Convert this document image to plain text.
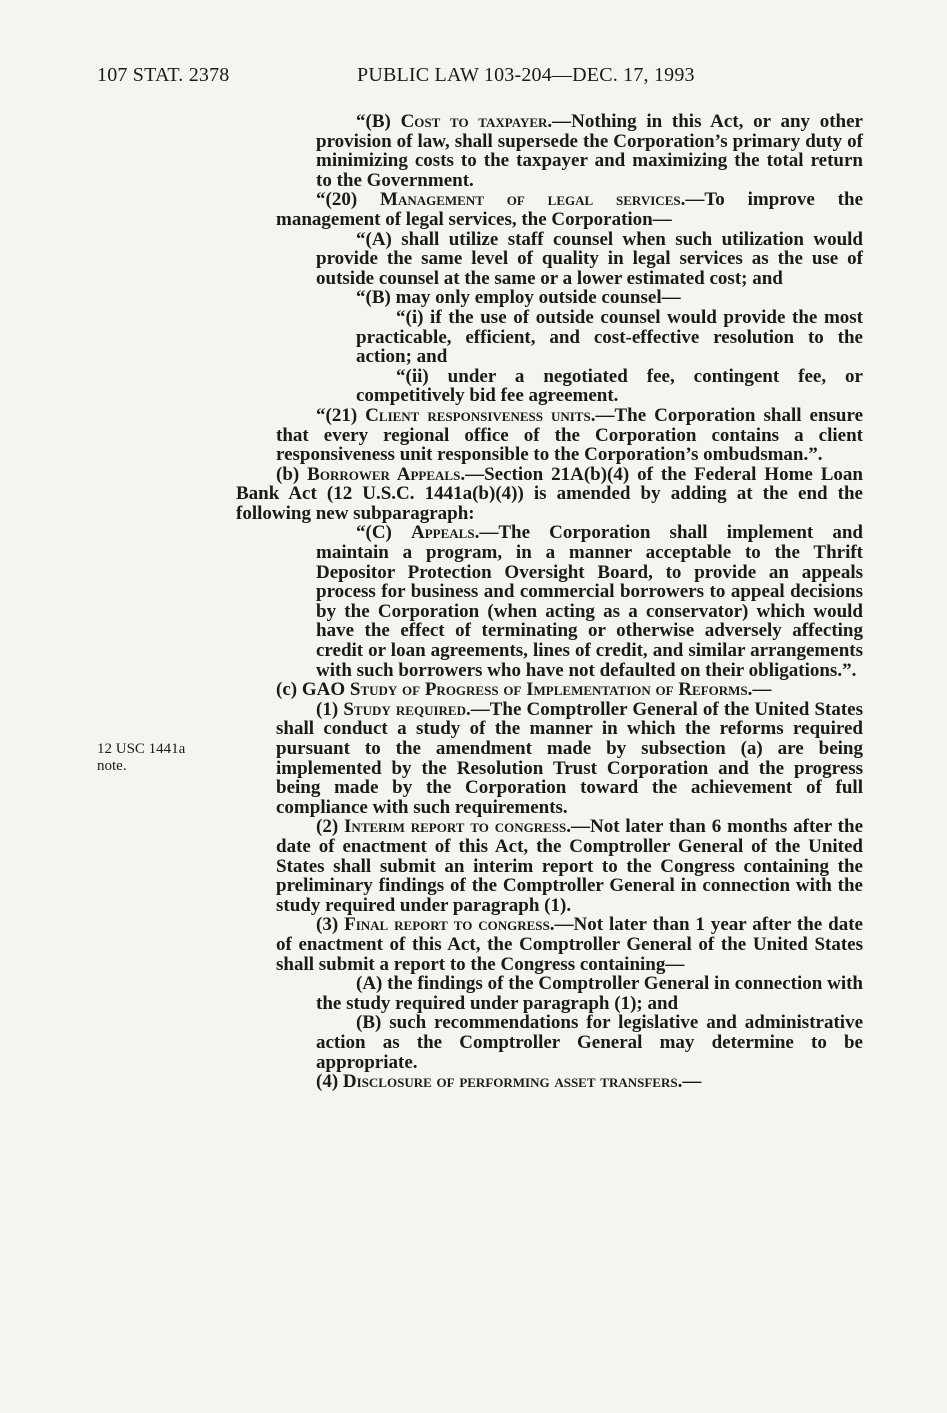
107 STAT. 2378	PUBLIC LAW 103-204—DEC. 17, 1993
12 USC 1441a
note.

“(B) Cost to taxpayer.—Nothing in this Act, or any other provision of law, shall supersede the Corporation’s primary duty of minimizing costs to the taxpayer and maximizing the total return to the Government.

“(20) Management of legal services.—To improve the management of legal services, the Corporation—

“(A) shall utilize staff counsel when such utilization would provide the same level of quality in legal services as the use of outside counsel at the same or a lower estimated cost; and

“(B) may only employ outside counsel—

“(i) if the use of outside counsel would provide the most practicable, efficient, and cost-effective resolution to the action; and

“(ii) under a negotiated fee, contingent fee, or competitively bid fee agreement.

“(21) Client responsiveness units.—The Corporation shall ensure that every regional office of the Corporation contains a client responsiveness unit responsible to the Corporation’s ombudsman.”.

(b) Borrower Appeals.—Section 21A(b)(4) of the Federal Home Loan Bank Act (12 U.S.C. 1441a(b)(4)) is amended by adding at the end the following new subparagraph:

“(C) Appeals.—The Corporation shall implement and maintain a program, in a manner acceptable to the Thrift Depositor Protection Oversight Board, to provide an appeals process for business and commercial borrowers to appeal decisions by the Corporation (when acting as a conservator) which would have the effect of terminating or otherwise adversely affecting credit or loan agreements, lines of credit, and similar arrangements with such borrowers who have not defaulted on their obligations.”.

(c) GAO Study of Progress of Implementation of Reforms.—

(1) Study required.—The Comptroller General of the United States shall conduct a study of the manner in which the reforms required pursuant to the amendment made by subsection (a) are being implemented by the Resolution Trust Corporation and the progress being made by the Corporation toward the achievement of full compliance with such requirements.

(2) Interim report to congress.—Not later than 6 months after the date of enactment of this Act, the Comptroller General of the United States shall submit an interim report to the Congress containing the preliminary findings of the Comptroller General in connection with the study required under paragraph (1).

(3) Final report to congress.—Not later than 1 year after the date of enactment of this Act, the Comptroller General of the United States shall submit a report to the Congress containing—

(A) the findings of the Comptroller General in connection with the study required under paragraph (1); and

(B) such recommendations for legislative and administrative action as the Comptroller General may determine to be appropriate.

(4) Disclosure of performing asset transfers.—
